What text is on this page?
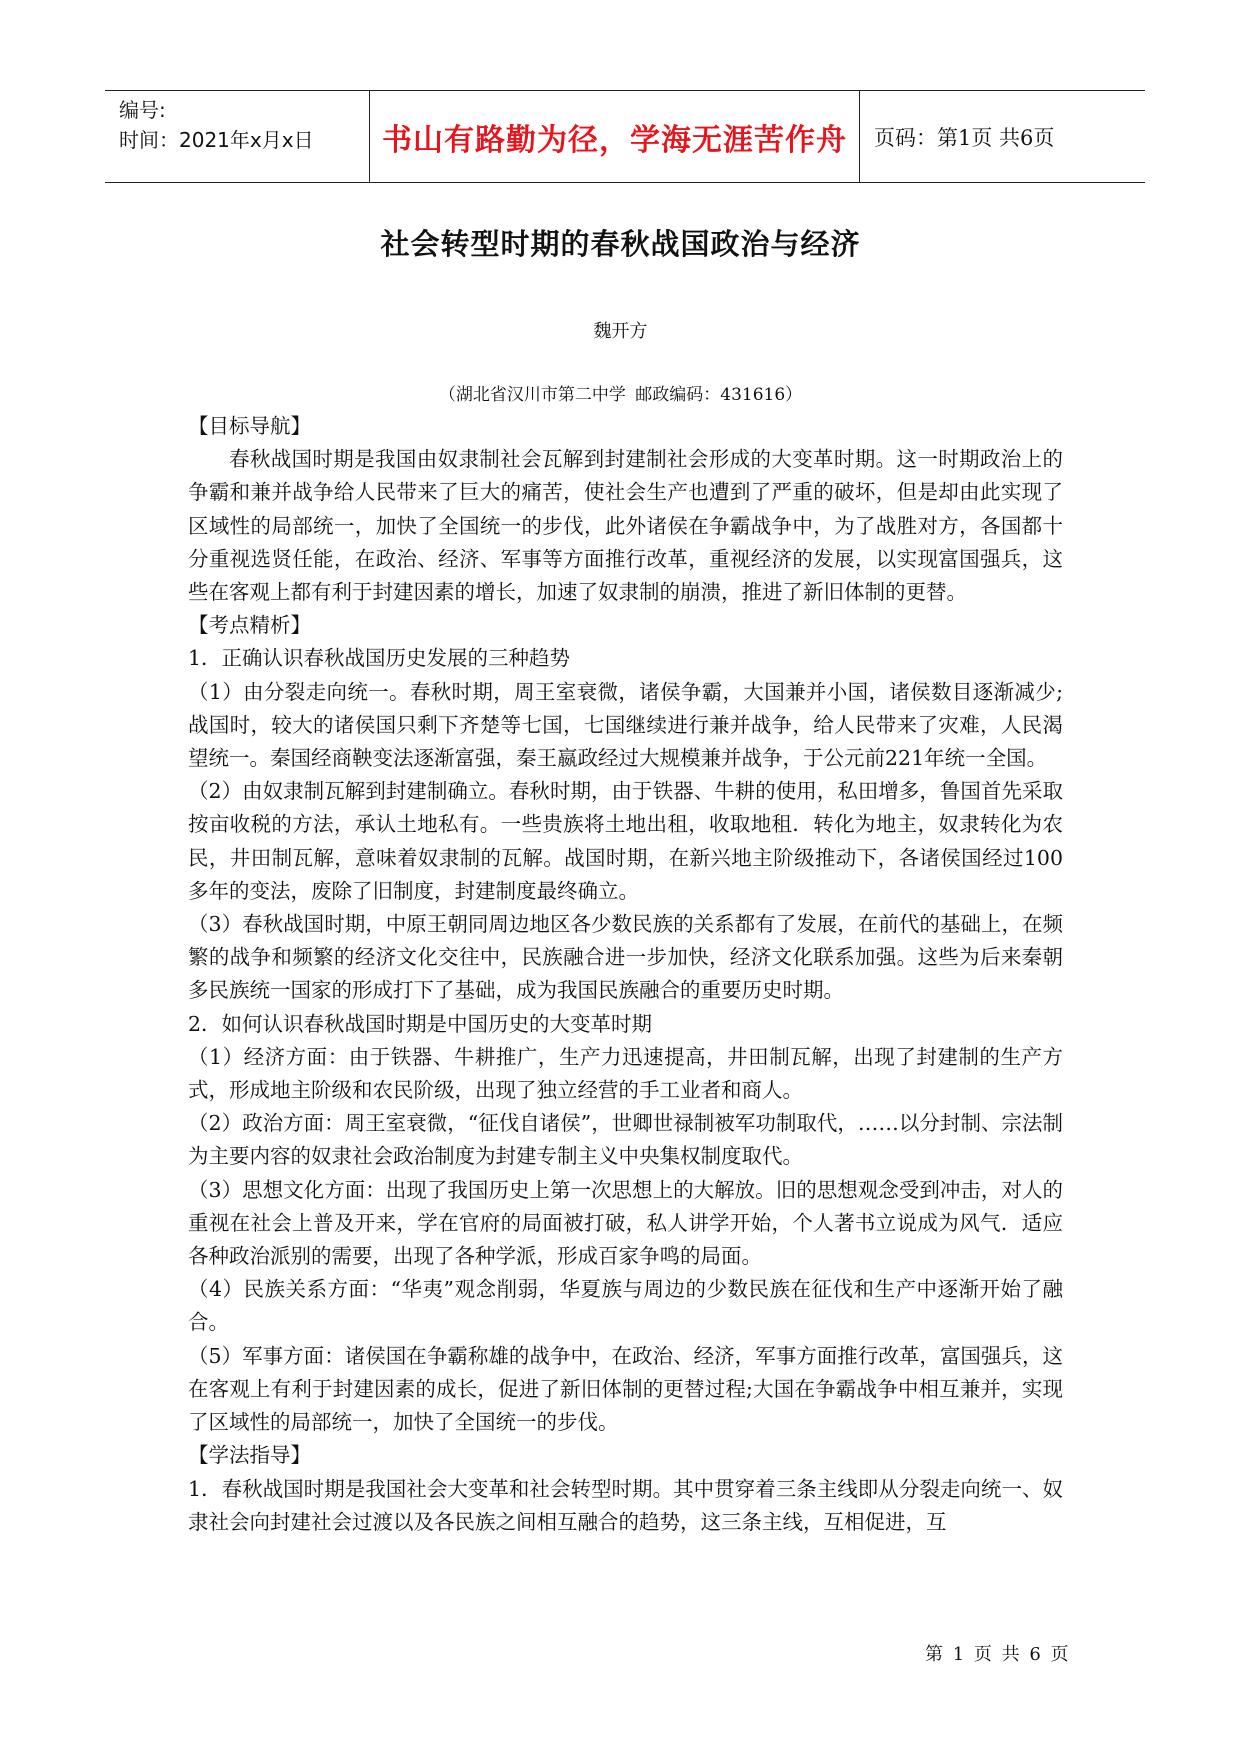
编号:
时间：2021年x月x日	书山有路勤为径，学海无涯苦作舟	页码：第1页 共6页
社会转型时期的春秋战国政治与经济
魏开方
（湖北省汉川市第二中学 邮政编码：431616）

【目标导航】

春秋战国时期是我国由奴隶制社会瓦解到封建制社会形成的大变革时期。这一时期政治上的争霸和兼并战争给人民带来了巨大的痛苦，使社会生产也遭到了严重的破坏，但是却由此实现了区域性的局部统一，加快了全国统一的步伐，此外诸侯在争霸战争中，为了战胜对方，各国都十分重视选贤任能，在政治、经济、军事等方面推行改革，重视经济的发展，以实现富国强兵，这些在客观上都有利于封建因素的增长，加速了奴隶制的崩溃，推进了新旧体制的更替。

【考点精析】

1．正确认识春秋战国历史发展的三种趋势

（1）由分裂走向统一。春秋时期，周王室衰微，诸侯争霸，大国兼并小国，诸侯数目逐渐减少;战国时，较大的诸侯国只剩下齐楚等七国，七国继续进行兼并战争，给人民带来了灾难，人民渴望统一。秦国经商鞅变法逐渐富强，秦王嬴政经过大规模兼并战争，于公元前221年统一全国。

（2）由奴隶制瓦解到封建制确立。春秋时期，由于铁器、牛耕的使用，私田增多，鲁国首先采取按亩收税的方法，承认土地私有。一些贵族将土地出租，收取地租．转化为地主，奴隶转化为农民，井田制瓦解，意味着奴隶制的瓦解。战国时期，在新兴地主阶级推动下，各诸侯国经过100多年的变法，废除了旧制度，封建制度最终确立。

（3）春秋战国时期，中原王朝同周边地区各少数民族的关系都有了发展，在前代的基础上，在频繁的战争和频繁的经济文化交往中，民族融合进一步加快，经济文化联系加强。这些为后来秦朝多民族统一国家的形成打下了基础，成为我国民族融合的重要历史时期。

2．如何认识春秋战国时期是中国历史的大变革时期

（1）经济方面：由于铁器、牛耕推广，生产力迅速提高，井田制瓦解，出现了封建制的生产方式，形成地主阶级和农民阶级，出现了独立经营的手工业者和商人。

（2）政治方面：周王室衰微，“征伐自诸侯”，世卿世禄制被军功制取代，……以分封制、宗法制为主要内容的奴隶社会政治制度为封建专制主义中央集权制度取代。

（3）思想文化方面：出现了我国历史上第一次思想上的大解放。旧的思想观念受到冲击，对人的重视在社会上普及开来，学在官府的局面被打破，私人讲学开始，个人著书立说成为风气．适应各种政治派别的需要，出现了各种学派，形成百家争鸣的局面。

（4）民族关系方面：“华夷”观念削弱，华夏族与周边的少数民族在征伐和生产中逐渐开始了融合。

（5）军事方面：诸侯国在争霸称雄的战争中，在政治、经济，军事方面推行改革，富国强兵，这在客观上有利于封建因素的成长，促进了新旧体制的更替过程;大国在争霸战争中相互兼并，实现了区域性的局部统一，加快了全国统一的步伐。

【学法指导】

1．春秋战国时期是我国社会大变革和社会转型时期。其中贯穿着三条主线即从分裂走向统一、奴隶社会向封建社会过渡以及各民族之间相互融合的趋势，这三条主线，互相促进，互

第 1 页 共 6 页
